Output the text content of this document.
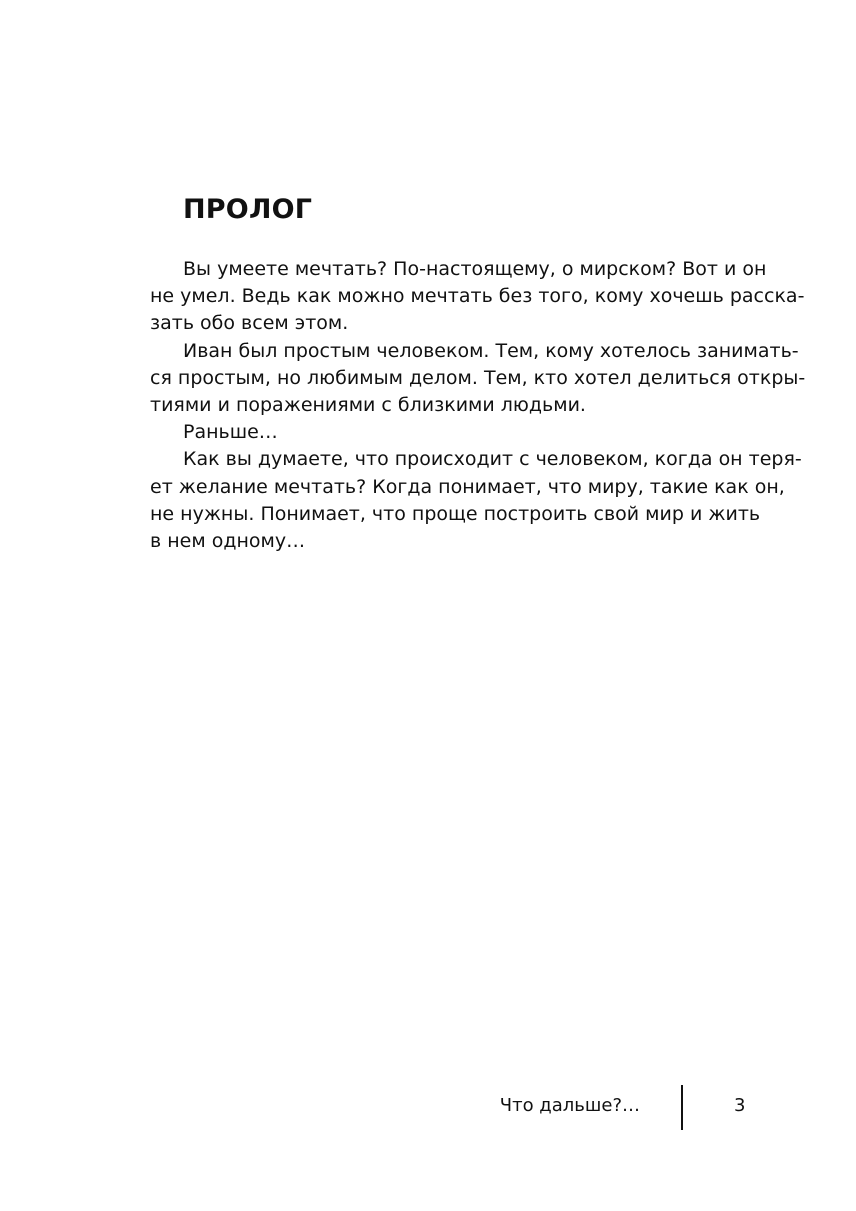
ПРОЛОГ
Вы умеете мечтать? По-настоящему, о мирском? Вот и он
не умел. Ведь как можно мечтать без того, кому хочешь расска-
зать обо всем этом.
Иван был простым человеком. Тем, кому хотелось занимать-
ся простым, но любимым делом. Тем, кто хотел делиться откры-
тиями и поражениями с близкими людьми.
Раньше…
Как вы думаете, что происходит с человеком, когда он теря-
ет желание мечтать? Когда понимает, что миру, такие как он,
не нужны. Понимает, что проще построить свой мир и жить
в нем одному…
Что дальше?…	3
